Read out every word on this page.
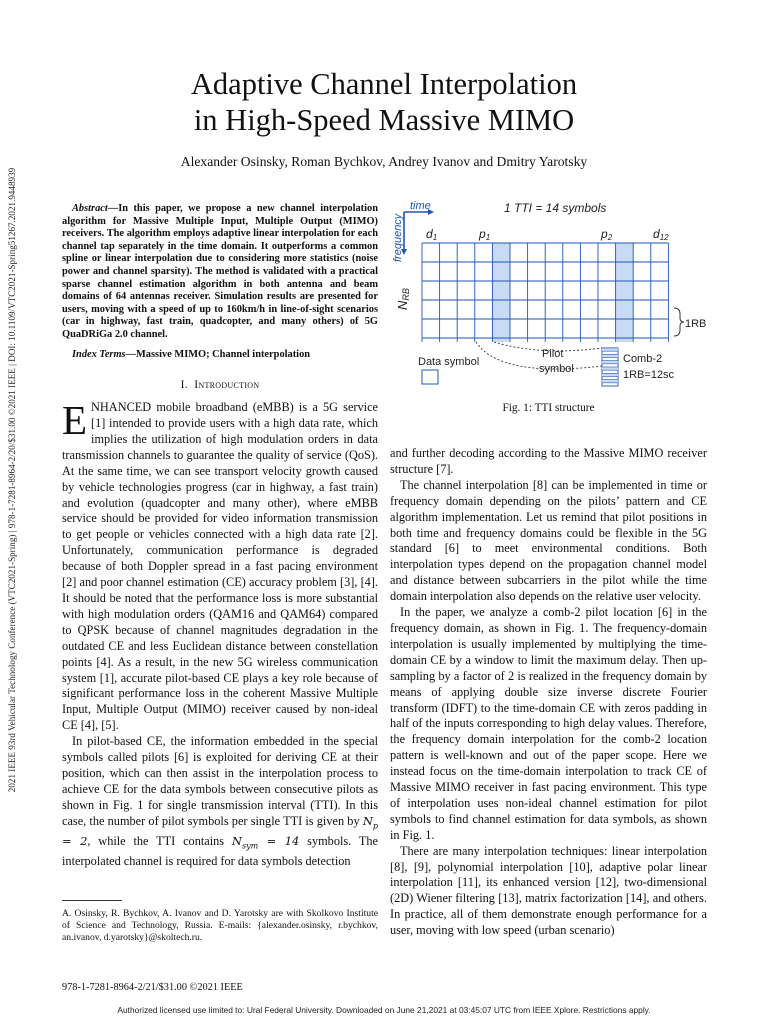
2021 IEEE 93rd Vehicular Technology Conference (VTC2021-Spring) | 978-1-7281-8964-2/20/$31.00 ©2021 IEEE | DOI: 10.1109/VTC2021-Spring51267.2021.9448939
Adaptive Channel Interpolation
in High-Speed Massive MIMO
Alexander Osinsky, Roman Bychkov, Andrey Ivanov and Dmitry Yarotsky

Abstract—In this paper, we propose a new channel interpolation algorithm for Massive Multiple Input, Multiple Output (MIMO) receivers. The algorithm employs adaptive linear interpolation for each channel tap separately in the time domain. It outperforms a common spline or linear interpolation due to considering more statistics (noise power and channel sparsity). The method is validated with a practical sparse channel estimation algorithm in both antenna and beam domains of 64 antennas receiver. Simulation results are presented for users, moving with a speed of up to 160km/h in line-of-sight scenarios (car in highway, fast train, quadcopter, and many others) of 5G QuaDRiGa 2.0 channel.

Index Terms—Massive MIMO; Channel interpolation

I. Introduction

ENHANCED mobile broadband (eMBB) is a 5G service [1] intended to provide users with a high data rate, which implies the utilization of high modulation orders in data transmission channels to guarantee the quality of service (QoS). At the same time, we can see transport velocity growth caused by vehicle technologies progress (car in highway, a fast train) and evolution (quadcopter and many other), where eMBB service should be provided for video information transmission to get people or vehicles connected with a high data rate [2]. Unfortunately, communication performance is degraded because of both Doppler spread in a fast pacing environment [2] and poor channel estimation (CE) accuracy problem [3], [4]. It should be noted that the performance loss is more substantial with high modulation orders (QAM16 and QAM64) compared to QPSK because of channel magnitudes degradation in the outdated CE and less Euclidean distance between constellation points [4]. As a result, in the new 5G wireless communication system [1], accurate pilot-based CE plays a key role because of significant performance loss in the coherent Massive Multiple Input, Multiple Output (MIMO) receiver caused by non-ideal CE [4], [5].

In pilot-based CE, the information embedded in the special symbols called pilots [6] is exploited for deriving CE at their position, which can then assist in the interpolation process to achieve CE for the data symbols between consecutive pilots as shown in Fig. 1 for single transmission interval (TTI). In this case, the number of pilot symbols per single TTI is given by $N_p = 2$, while the TTI contains $N_{sym} = 14$ symbols. The interpolated channel is required for data symbols detection

A. Osinsky, R. Bychkov, A. Ivanov and D. Yarotsky are with Skolkovo Institute of Science and Technology, Russia. E-mails: {alexander.osinsky, r.bychkov, an.ivanov, d.yarotsky}@skoltech.ru.
978-1-7281-8964-2/21/$31.00 ©2021 IEEE
Authorized licensed use limited to: Ural Federal University. Downloaded on June 21,2021 at 03:45:07 UTC from IEEE Xplore. Restrictions apply.
time
frequency
1 TTI = 14 symbols
d1	p1	p2	d12
NRB
1RB
Data symbol
Pilot
symbol
Comb-2
1RB=12sc
Fig. 1: TTI structure

and further decoding according to the Massive MIMO receiver structure [7].

The channel interpolation [8] can be implemented in time or frequency domain depending on the pilots’ pattern and CE algorithm implementation. Let us remind that pilot positions in both time and frequency domains could be flexible in the 5G standard [6] to meet environmental conditions. Both interpolation types depend on the propagation channel model and distance between subcarriers in the pilot while the time domain interpolation also depends on the relative user velocity.

In the paper, we analyze a comb-2 pilot location [6] in the frequency domain, as shown in Fig. 1. The frequency-domain interpolation is usually implemented by multiplying the time-domain CE by a window to limit the maximum delay. Then up-sampling by a factor of 2 is realized in the frequency domain by means of applying double size inverse discrete Fourier transform (IDFT) to the time-domain CE with zeros padding in half of the inputs corresponding to high delay values. Therefore, the frequency domain interpolation for the comb-2 location pattern is well-known and out of the paper scope. Here we instead focus on the time-domain interpolation to track CE of Massive MIMO receiver in fast pacing environment. This type of interpolation uses non-ideal channel estimation for pilot symbols to find channel estimation for data symbols, as shown in Fig. 1.

There are many interpolation techniques: linear interpolation [8], [9], polynomial interpolation [10], adaptive polar linear interpolation [11], its enhanced version [12], two-dimensional (2D) Wiener filtering [13], matrix factorization [14], and others. In practice, all of them demonstrate enough performance for a user, moving with low speed (urban scenario)
